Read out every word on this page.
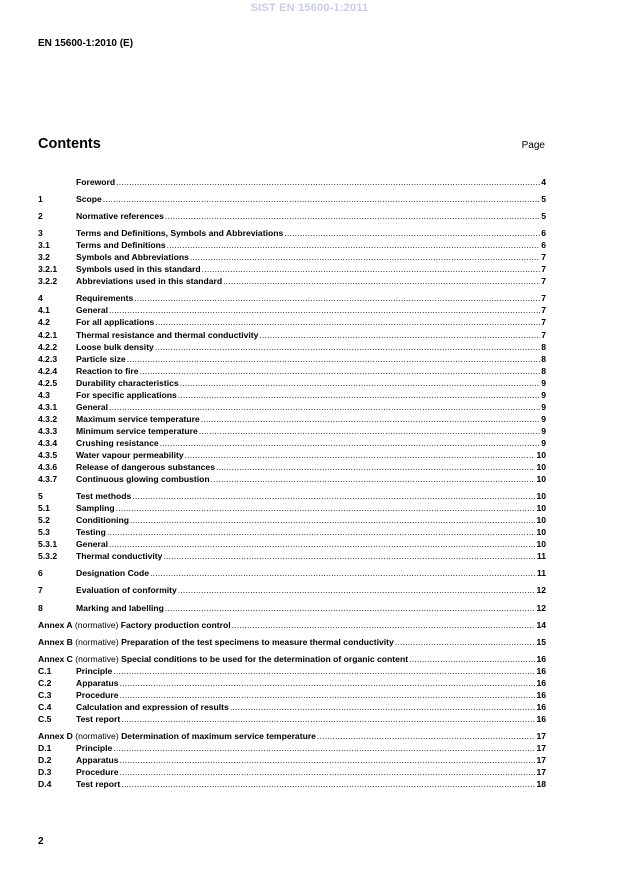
SIST EN 15600-1:2011
EN 15600-1:2010 (E)
Contents	Page
Foreword .....	4
1	Scope .....	5
2	Normative references .....	5
3	Terms and Definitions, Symbols and Abbreviations .....	6
3.1	Terms and Definitions .....	6
3.2	Symbols and Abbreviations .....	7
3.2.1	Symbols used in this standard .....	7
3.2.2	Abbreviations used in this standard .....	7
4	Requirements .....	7
4.1	General .....	7
4.2	For all applications .....	7
4.2.1	Thermal resistance and thermal conductivity .....	7
4.2.2	Loose bulk density .....	8
4.2.3	Particle size .....	8
4.2.4	Reaction to fire .....	8
4.2.5	Durability characteristics .....	9
4.3	For specific applications .....	9
4.3.1	General .....	9
4.3.2	Maximum service temperature .....	9
4.3.3	Minimum service temperature .....	9
4.3.4	Crushing resistance .....	9
4.3.5	Water vapour permeability .....	10
4.3.6	Release of dangerous substances .....	10
4.3.7	Continuous glowing combustion .....	10
5	Test methods .....	10
5.1	Sampling .....	10
5.2	Conditioning .....	10
5.3	Testing .....	10
5.3.1	General .....	10
5.3.2	Thermal conductivity .....	11
6	Designation Code .....	11
7	Evaluation of conformity .....	12
8	Marking and labelling .....	12
Annex A (normative) Factory production control .....	14
Annex B (normative) Preparation of the test specimens to measure thermal conductivity .....	15
Annex C (normative) Special conditions to be used for the determination of organic content .....	16
C.1	Principle .....	16
C.2	Apparatus .....	16
C.3	Procedure .....	16
C.4	Calculation and expression of results .....	16
C.5	Test report .....	16
Annex D (normative) Determination of maximum service temperature .....	17
D.1	Principle .....	17
D.2	Apparatus .....	17
D.3	Procedure .....	17
D.4	Test report .....	18
2
